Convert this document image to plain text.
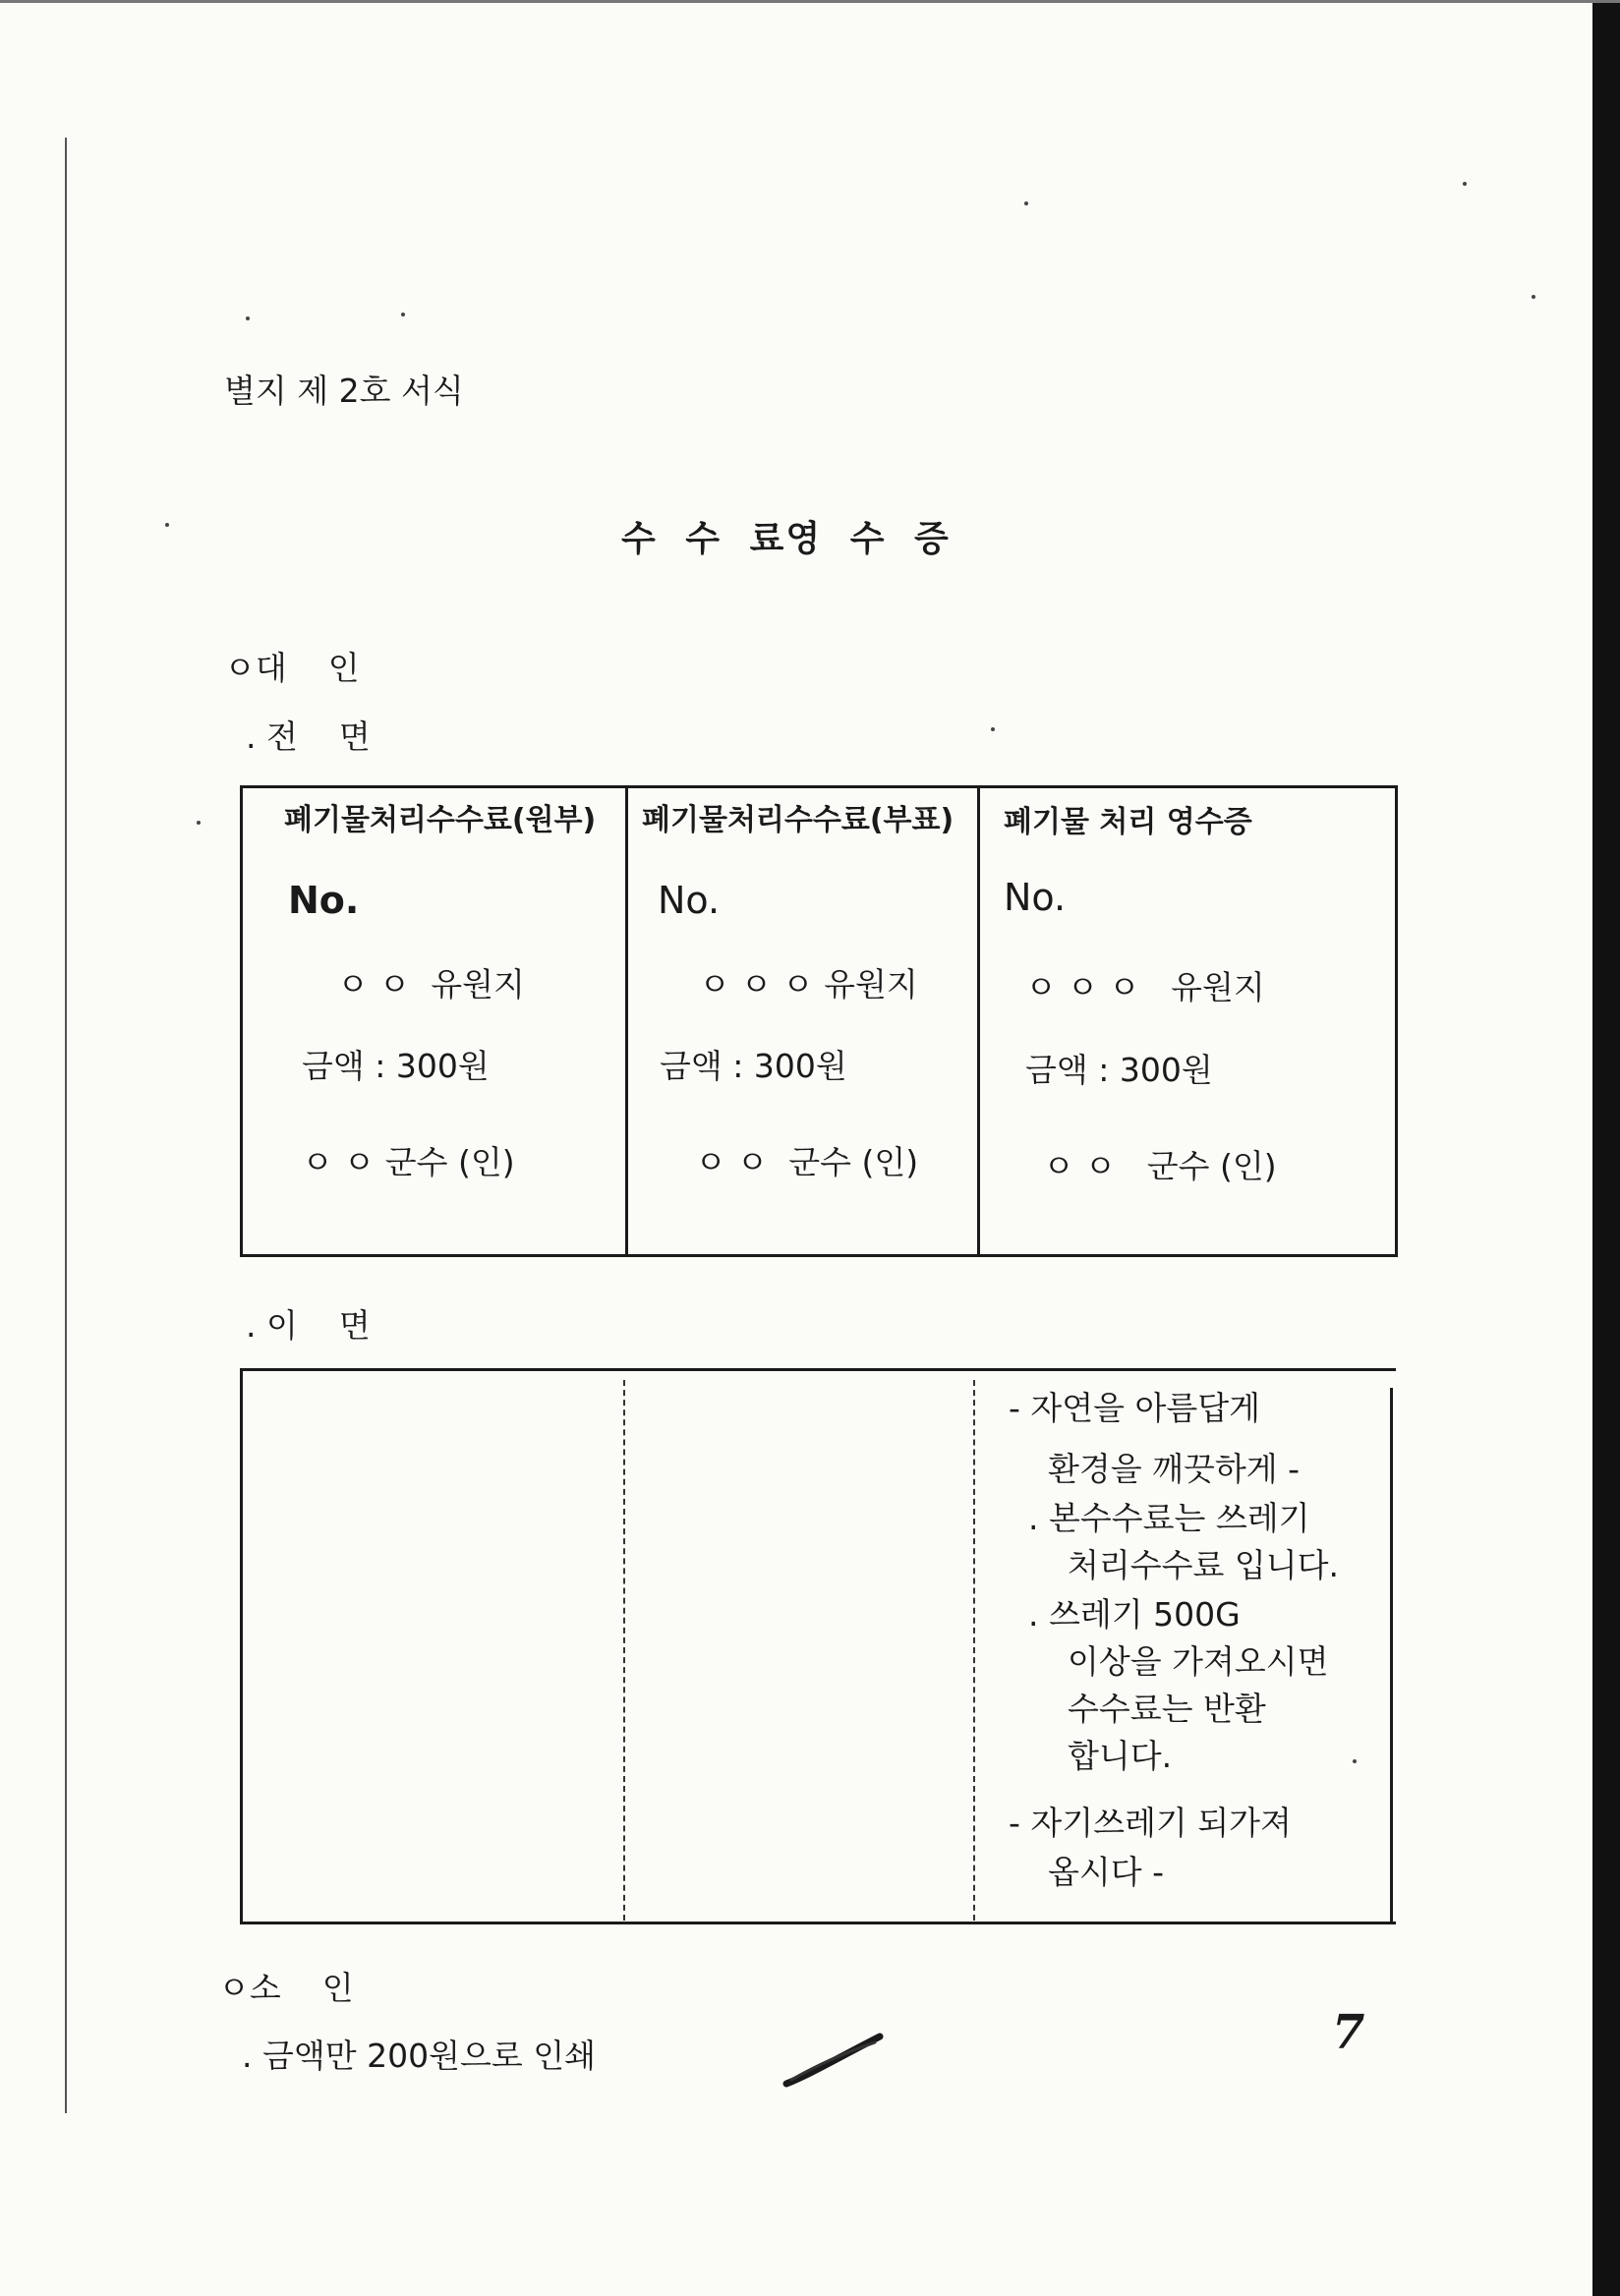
별지 제 2호 서식
수 수 료영 수 증
ㅇ대    인
. 전    면
폐기물처리수수료(원부)
No.
ㅇ ㅇ  유원지
금액 : 300원
ㅇ ㅇ 군수 (인)
폐기물처리수수료(부표)
No.
ㅇ ㅇ ㅇ 유원지
금액 : 300원
ㅇ ㅇ  군수 (인)
폐기물 처리 영수증
No.
ㅇ ㅇ ㅇ   유원지
금액 : 300원
ㅇ ㅇ   군수 (인)
. 이    면
- 자연을 아름답게
환경을 깨끗하게 -
. 본수수료는 쓰레기
처리수수료 입니다.
. 쓰레기 500G
이상을 가져오시면
수수료는 반환
합니다.
- 자기쓰레기 되가져
옵시다 -
ㅇ소    인
. 금액만 200원으로 인쇄	7
